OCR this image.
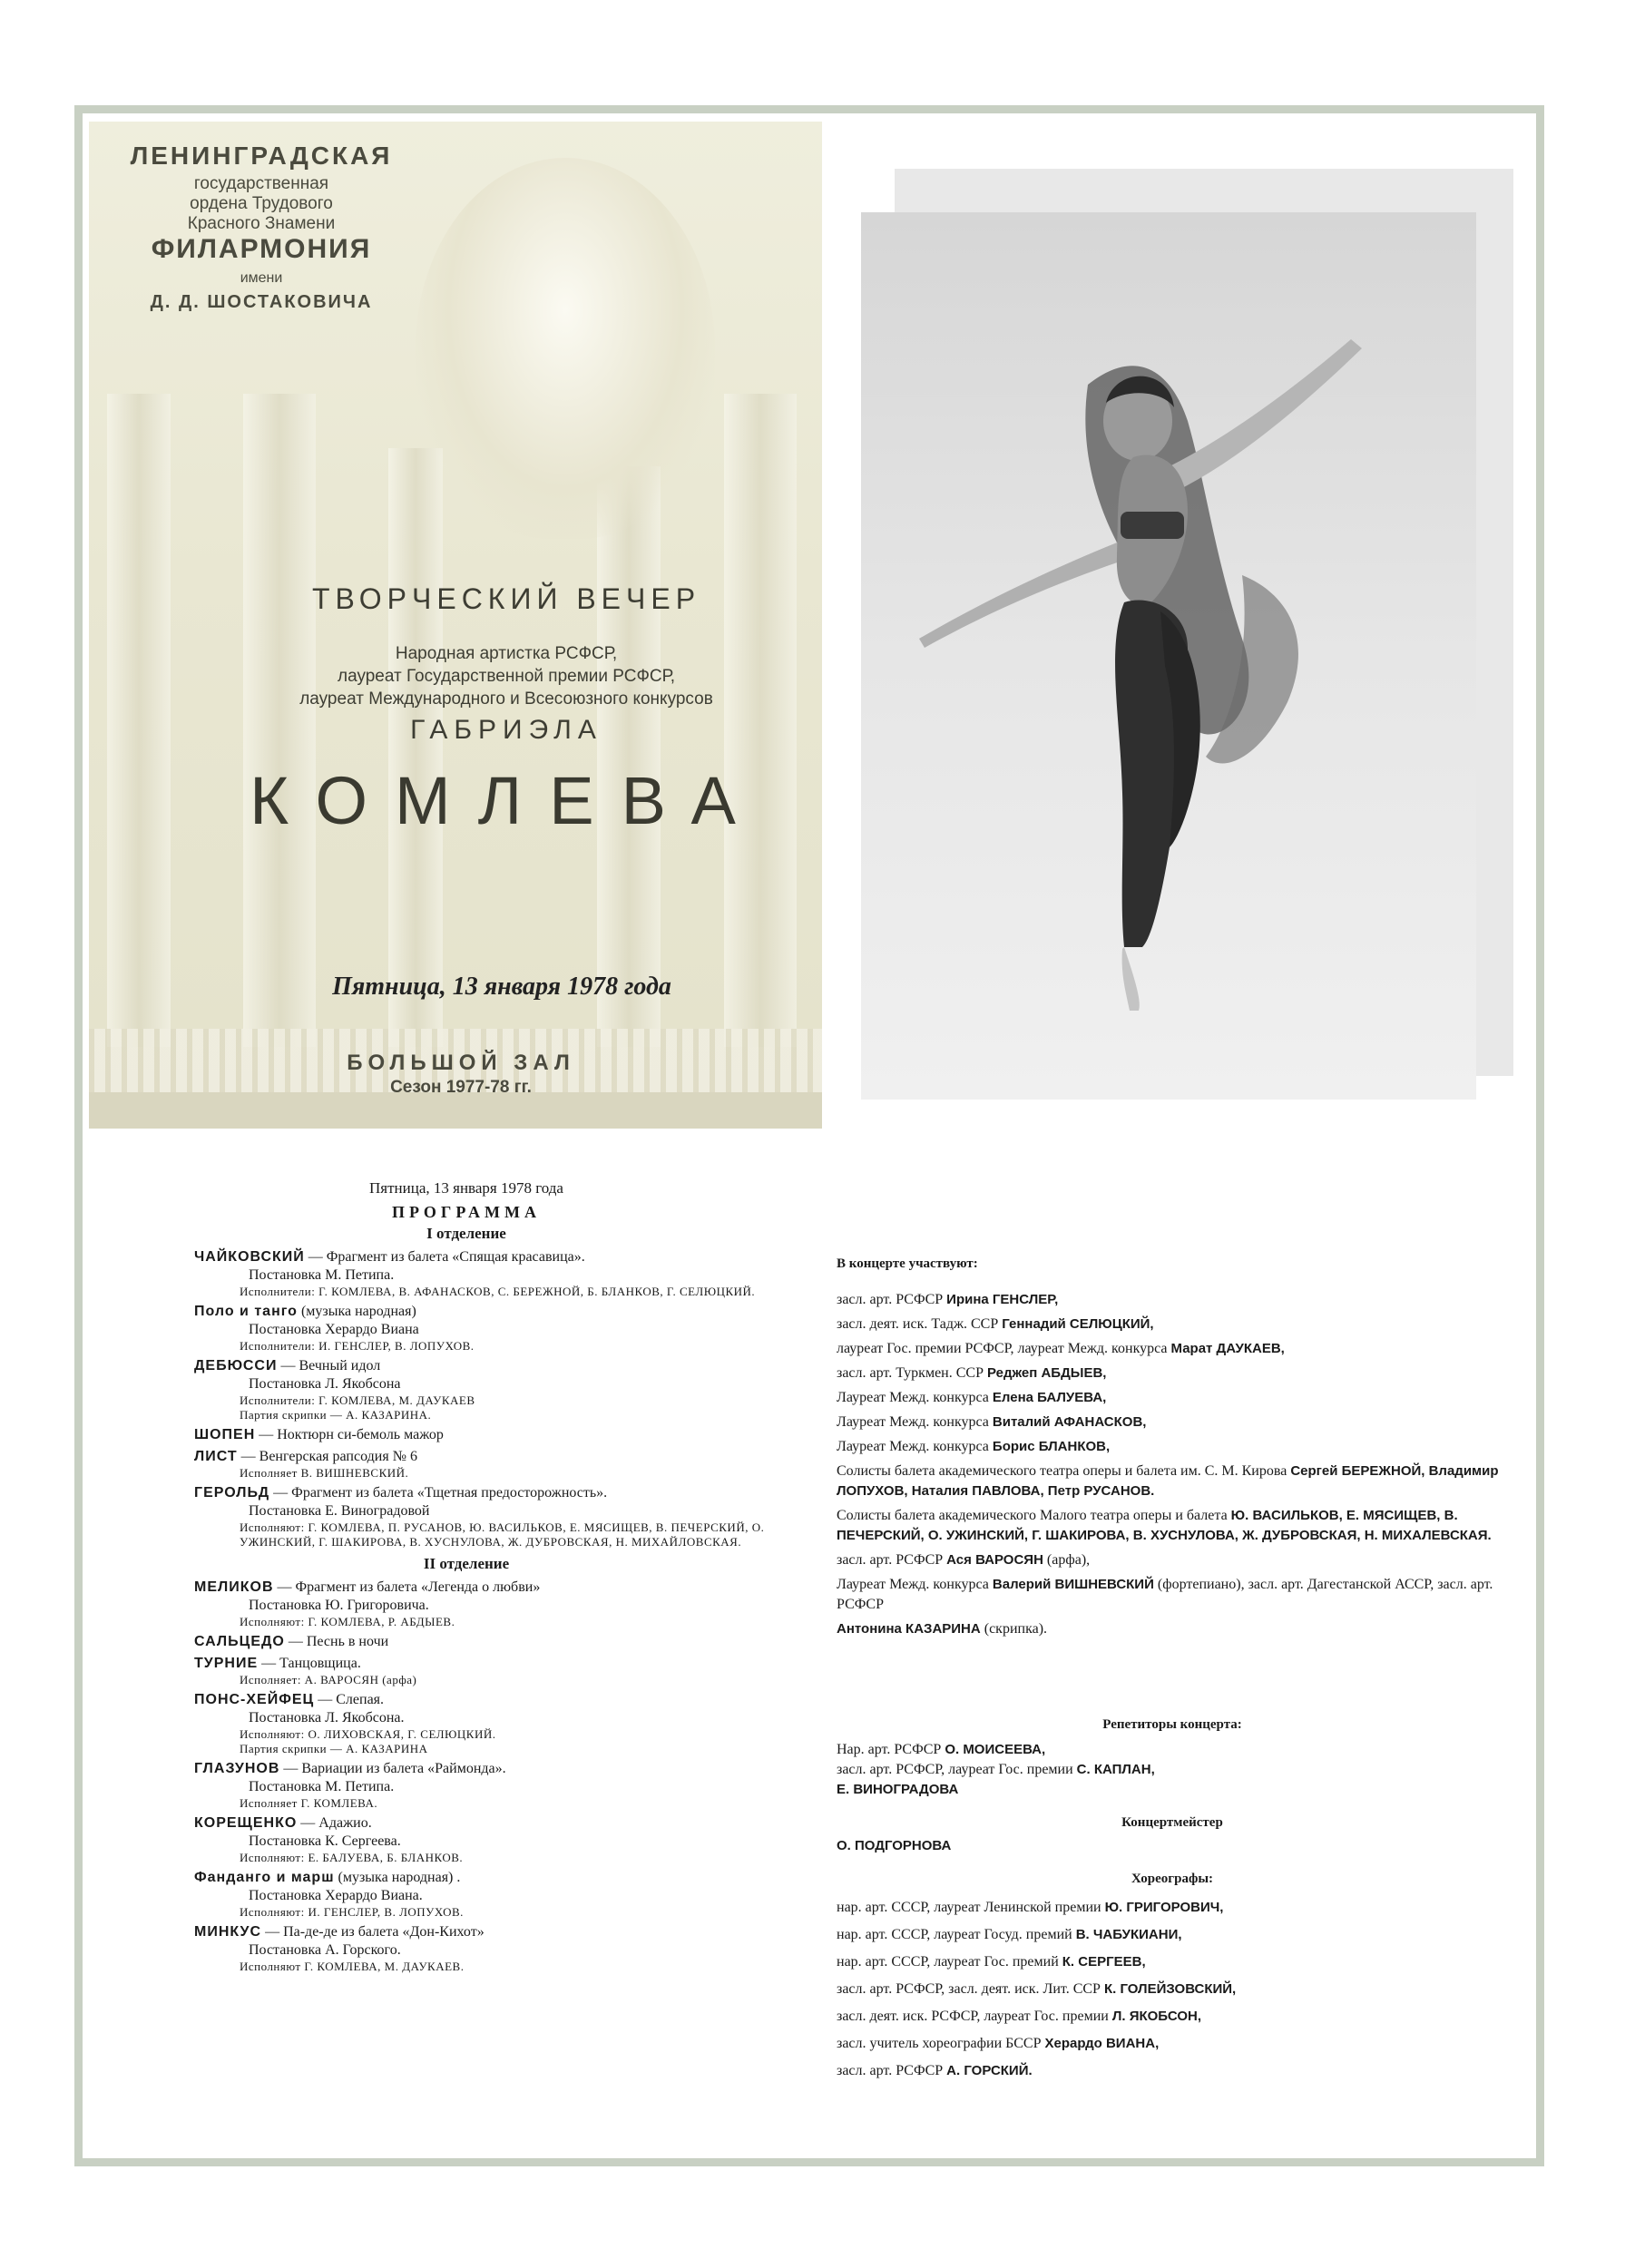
ЛЕНИНГРАДСКАЯ
государственная
ордена Трудового
Красного Знамени
ФИЛАРМОНИЯ
имени
Д. Д. ШОСТАКОВИЧА
ТВОРЧЕСКИЙ ВЕЧЕР
Народная артистка РСФСР,
лауреат Государственной премии РСФСР,
лауреат Международного и Всесоюзного конкурсов
ГАБРИЭЛА
КОМЛЕВА
Пятница, 13 января 1978 года
БОЛЬШОЙ ЗАЛ
Сезон 1977-78 гг.
Пятница, 13 января 1978 года
ПРОГРАММА
I отделение
ЧАЙКОВСКИЙ — Фрагмент из балета «Спящая красавица».
Постановка М. Петипа.
Исполнители: Г. КОМЛЕВА, В. АФАНАСКОВ, С. БЕРЕЖНОЙ, Б. БЛАНКОВ, Г. СЕЛЮЦКИЙ.
Поло и танго (музыка народная)
Постановка Херардо Виана
Исполнители: И. ГЕНСЛЕР, В. ЛОПУХОВ.
ДЕБЮССИ — Вечный идол
Постановка Л. Якобсона
Исполнители: Г. КОМЛЕВА, М. ДАУКАЕВ
Партия скрипки — А. КАЗАРИНА.
ШОПЕН — Ноктюрн си-бемоль мажор
ЛИСТ — Венгерская рапсодия № 6
Исполняет В. ВИШНЕВСКИЙ.
ГЕРОЛЬД — Фрагмент из балета «Тщетная предосторожность».
Постановка Е. Виноградовой
Исполняют: Г. КОМЛЕВА, П. РУСАНОВ, Ю. ВАСИЛЬКОВ, Е. МЯСИЩЕВ, В. ПЕЧЕРСКИЙ, О. УЖИНСКИЙ, Г. ШАКИРОВА, В. ХУСНУЛОВА, Ж. ДУБРОВСКАЯ, Н. МИХАЙЛОВСКАЯ.
II отделение
МЕЛИКОВ — Фрагмент из балета «Легенда о любви»
Постановка Ю. Григоровича.
Исполняют: Г. КОМЛЕВА, Р. АБДЫЕВ.
САЛЬЦЕДО — Песнь в ночи
ТУРНИЕ — Танцовщица.
Исполняет: А. ВАРОСЯН (арфа)
ПОНС-ХЕЙФЕЦ — Слепая.
Постановка Л. Якобсона.
Исполняют: О. ЛИХОВСКАЯ, Г. СЕЛЮЦКИЙ.
Партия скрипки — А. КАЗАРИНА
ГЛАЗУНОВ — Вариации из балета «Раймонда».
Постановка М. Петипа.
Исполняет Г. КОМЛЕВА.
КОРЕЩЕНКО — Адажио.
Постановка К. Сергеева.
Исполняют: Е. БАЛУЕВА, Б. БЛАНКОВ.
Фанданго и марш (музыка народная) .
Постановка Херардо Виана.
Исполняют: И. ГЕНСЛЕР, В. ЛОПУХОВ.
МИНКУС — Па-де-де из балета «Дон-Кихот»
Постановка А. Горского.
Исполняют Г. КОМЛЕВА, М. ДАУКАЕВ.
В концерте участвуют:
засл. арт. РСФСР Ирина ГЕНСЛЕР,
засл. деят. иск. Тадж. ССР Геннадий СЕЛЮЦКИЙ,
лауреат Гос. премии РСФСР, лауреат Межд. конкурса Марат ДАУКАЕВ,
засл. арт. Туркмен. ССР Реджеп АБДЫЕВ,
Лауреат Межд. конкурса Елена БАЛУЕВА,
Лауреат Межд. конкурса Виталий АФАНАСКОВ,
Лауреат Межд. конкурса Борис БЛАНКОВ,
Солисты балета академического театра оперы и балета им. С. М. Кирова Сергей БЕРЕЖНОЙ, Владимир ЛОПУХОВ, Наталия ПАВЛОВА, Петр РУСАНОВ.
Солисты балета академического Малого театра оперы и балета Ю. ВАСИЛЬКОВ, Е. МЯСИЩЕВ, В. ПЕЧЕРСКИЙ, О. УЖИНСКИЙ, Г. ШАКИРОВА, В. ХУСНУЛОВА, Ж. ДУБРОВСКАЯ, Н. МИХАЛЕВСКАЯ.
засл. арт. РСФСР Ася ВАРОСЯН (арфа),
Лауреат Межд. конкурса Валерий ВИШНЕВСКИЙ (фортепиано), засл. арт. Дагестанской АССР, засл. арт. РСФСР
Антонина КАЗАРИНА (скрипка).
Репетиторы концерта:
Нар. арт. РСФСР О. МОИСЕЕВА,
засл. арт. РСФСР, лауреат Гос. премии С. КАПЛАН,
Е. ВИНОГРАДОВА
Концертмейстер
О. ПОДГОРНОВА
Хореографы:
нар. арт. СССР, лауреат Ленинской премии Ю. ГРИГОРОВИЧ,
нар. арт. СССР, лауреат Госуд. премий В. ЧАБУКИАНИ,
нар. арт. СССР, лауреат Гос. премий К. СЕРГЕЕВ,
засл. арт. РСФСР, засл. деят. иск. Лит. ССР К. ГОЛЕЙЗОВСКИЙ,
засл. деят. иск. РСФСР, лауреат Гос. премии Л. ЯКОБСОН,
засл. учитель хореографии БССР Херардо ВИАНА,
засл. арт. РСФСР А. ГОРСКИЙ.
